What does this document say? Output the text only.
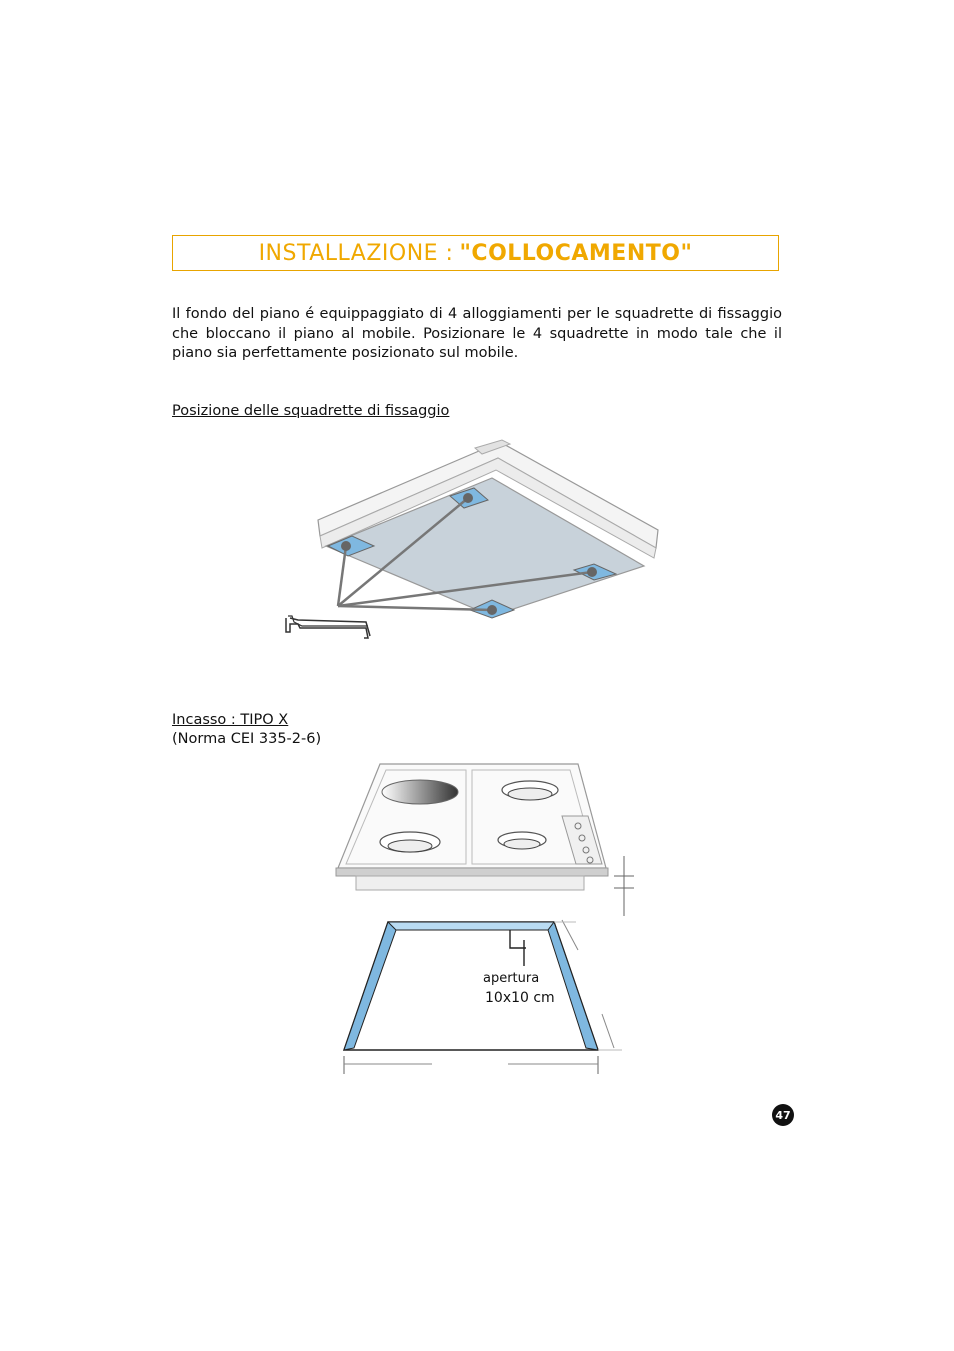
INSTALLAZIONE : "COLLOCAMENTO"

Il fondo del piano é equippaggiato di 4 alloggiamenti per le squadrette di fissaggio che bloccano il piano al mobile. Posizionare le 4 squadrette in modo tale che il piano sia perfettamente posizionato sul mobile.

Posizione delle squadrette di fissaggio
Incasso : TIPO X
(Norma CEI 335-2-6)
apertura
10x10 cm
47
